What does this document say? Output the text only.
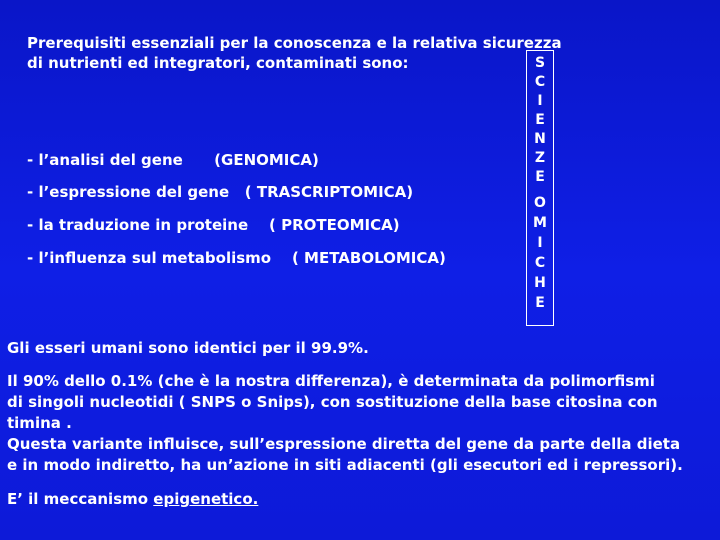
Prerequisiti essenziali per la conoscenza e la relativa sicurezza
di nutrienti ed integratori, contaminati sono:	S
C
I
E
N
Z
E
O
M
I
C
H
E
- l’analisi del gene      (GENOMICA)
- l’espressione del gene   ( TRASCRIPTOMICA)
- la traduzione in proteine    ( PROTEOMICA)
- l’influenza sul metabolismo    ( METABOLOMICA)
Gli esseri umani sono identici per il 99.9%.
Il 90% dello 0.1% (che è la nostra differenza), è determinata da polimorfismi
di singoli nucleotidi ( SNPS o Snips), con sostituzione della base citosina con
timina .
Questa variante influisce, sull’espressione diretta del gene da parte della dieta
e in modo indiretto, ha un’azione in siti adiacenti (gli esecutori ed i repressori).
E’ il meccanismo epigenetico.
